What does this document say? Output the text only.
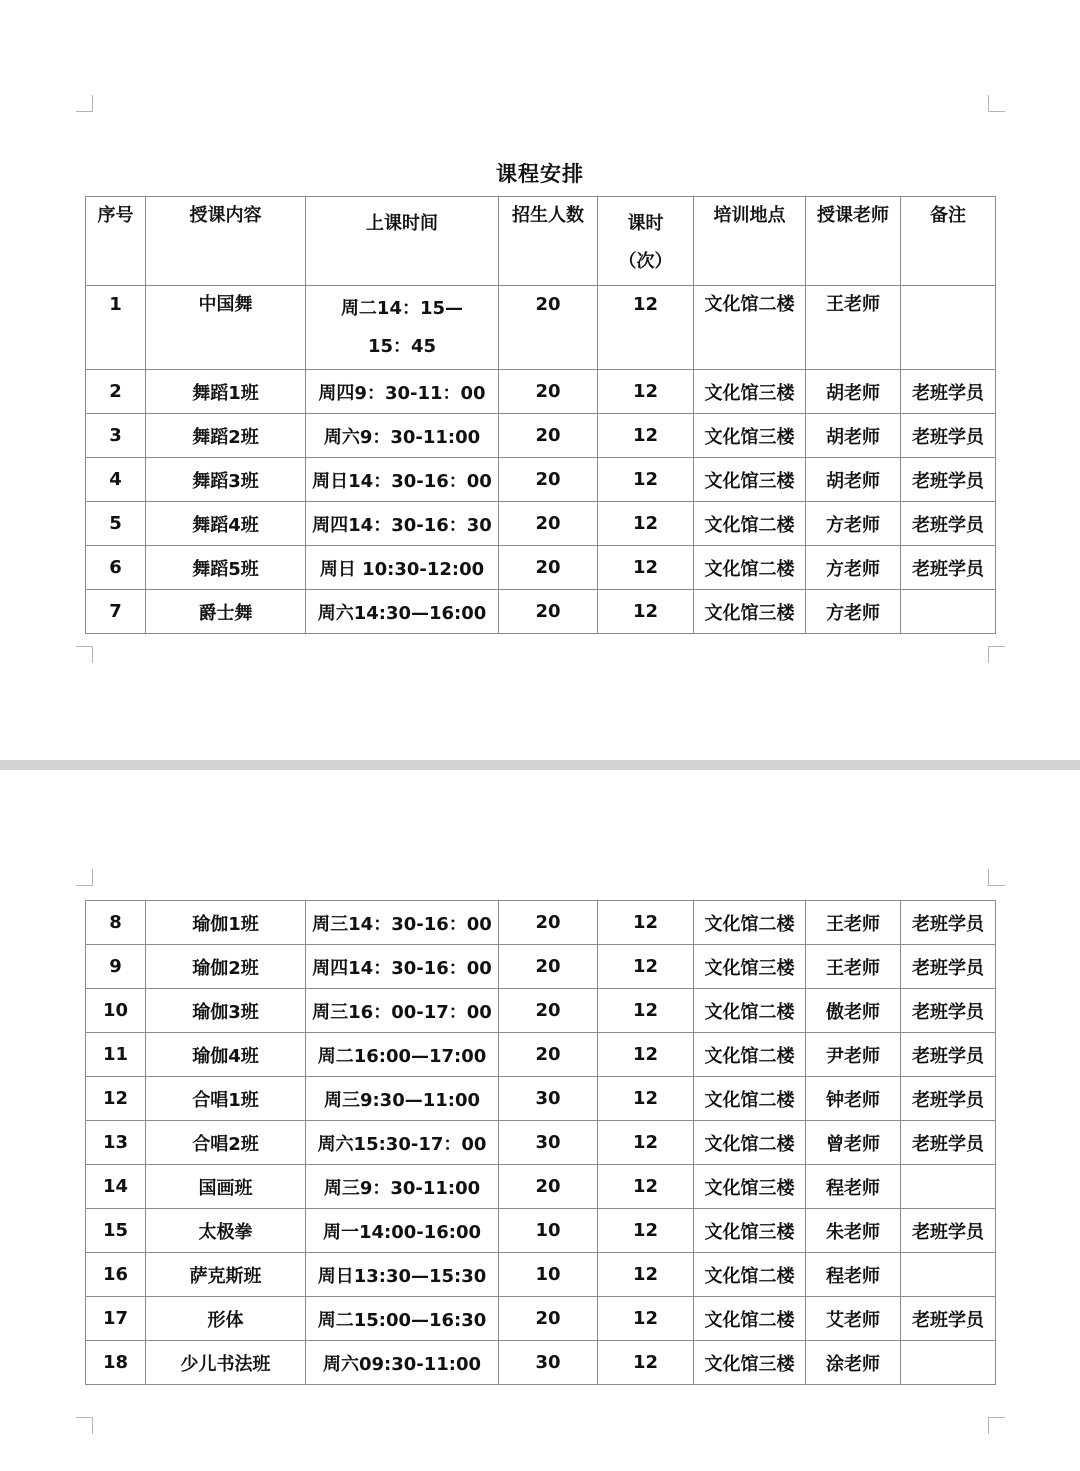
课程安排
序号	授课内容	上课时间	招生人数	课时（次）	培训地点	授课老师	备注
1	中国舞	周二14：15—15：45	20	12	文化馆二楼	王老师	
2	舞蹈1班	周四9：30-11：00	20	12	文化馆三楼	胡老师	老班学员
3	舞蹈2班	周六9：30-11:00	20	12	文化馆三楼	胡老师	老班学员
4	舞蹈3班	周日14：30-16：00	20	12	文化馆三楼	胡老师	老班学员
5	舞蹈4班	周四14：30-16：30	20	12	文化馆二楼	方老师	老班学员
6	舞蹈5班	周日 10:30-12:00	20	12	文化馆二楼	方老师	老班学员
7	爵士舞	周六14:30—16:00	20	12	文化馆三楼	方老师	
8	瑜伽1班	周三14：30-16：00	20	12	文化馆二楼	王老师	老班学员
9	瑜伽2班	周四14：30-16：00	20	12	文化馆三楼	王老师	老班学员
10	瑜伽3班	周三16：00-17：00	20	12	文化馆二楼	傲老师	老班学员
11	瑜伽4班	周二16:00—17:00	20	12	文化馆二楼	尹老师	老班学员
12	合唱1班	周三9:30—11:00	30	12	文化馆二楼	钟老师	老班学员
13	合唱2班	周六15:30-17：00	30	12	文化馆二楼	曾老师	老班学员
14	国画班	周三9：30-11:00	20	12	文化馆三楼	程老师	
15	太极拳	周一14:00-16:00	10	12	文化馆三楼	朱老师	老班学员
16	萨克斯班	周日13:30—15:30	10	12	文化馆二楼	程老师	
17	形体	周二15:00—16:30	20	12	文化馆二楼	艾老师	老班学员
18	少儿书法班	周六09:30-11:00	30	12	文化馆三楼	涂老师	
